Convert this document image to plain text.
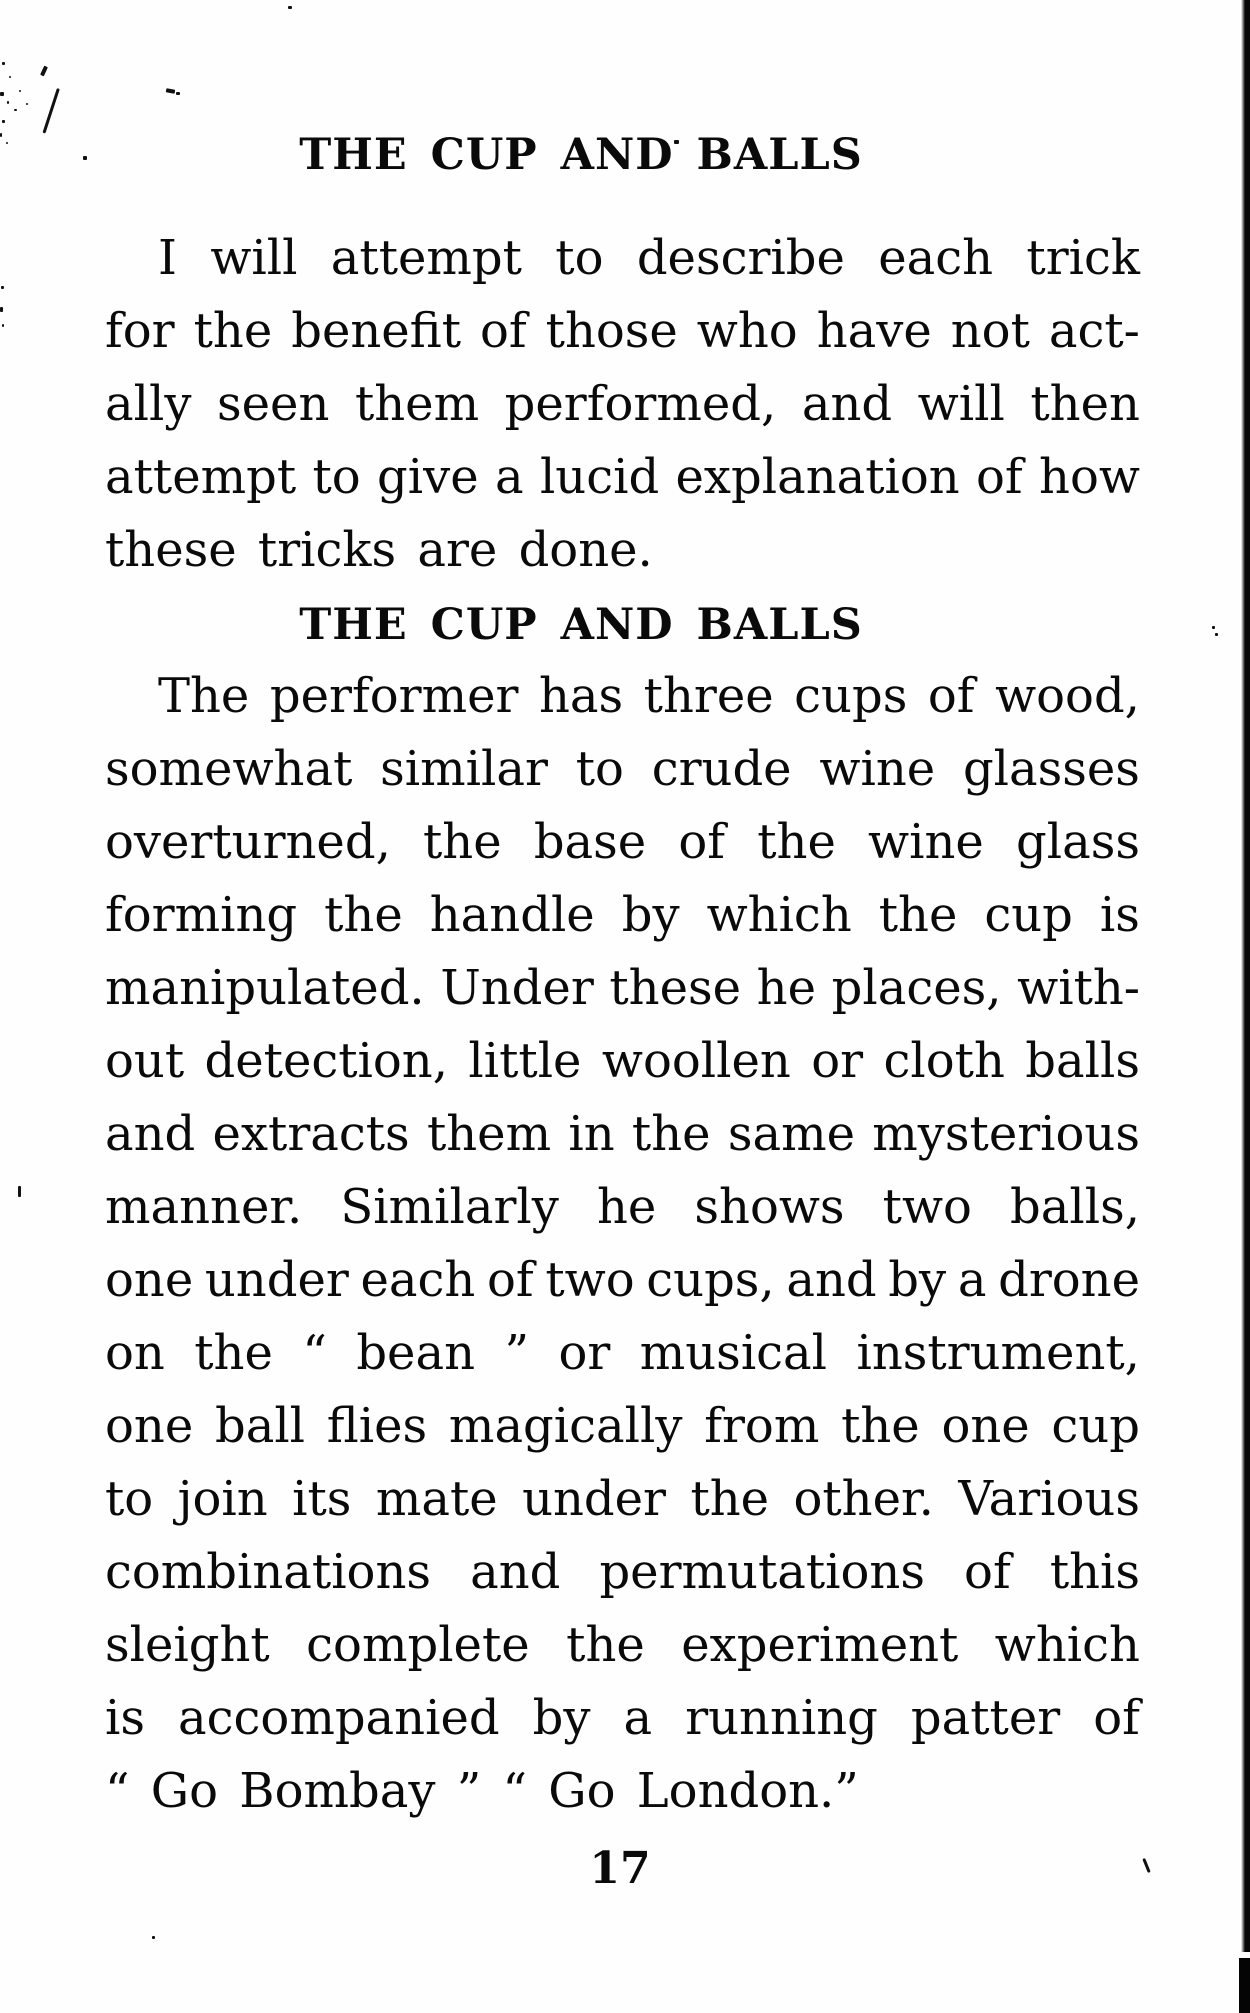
THE CUP AND BALLS
I will attempt to describe each trick
for the benefit of those who have not act-
ally seen them performed, and will then
attempt to give a lucid explanation of how
these tricks are done.
THE CUP AND BALLS
The performer has three cups of wood,
somewhat similar to crude wine glasses
overturned, the base of the wine glass
forming the handle by which the cup is
manipulated. Under these he places, with-
out detection, little woollen or cloth balls
and extracts them in the same mysterious
manner. Similarly he shows two balls,
one under each of two cups, and by a drone
on the “ bean ” or musical instrument,
one ball flies magically from the one cup
to join its mate under the other. Various
combinations and permutations of this
sleight complete the experiment which
is accompanied by a running patter of
“ Go Bombay ” “ Go London.”
17
